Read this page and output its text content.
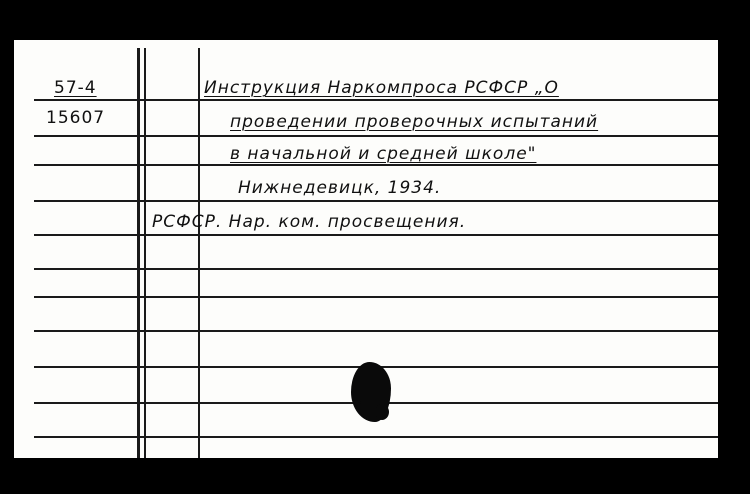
57-4
15607
Инструкция Наркомпроса РСФСР „О
проведении проверочных испытаний
в начальной и средней школе"
Нижнедевицк, 1934.
РСФСР. Нар. ком. просвещения.
